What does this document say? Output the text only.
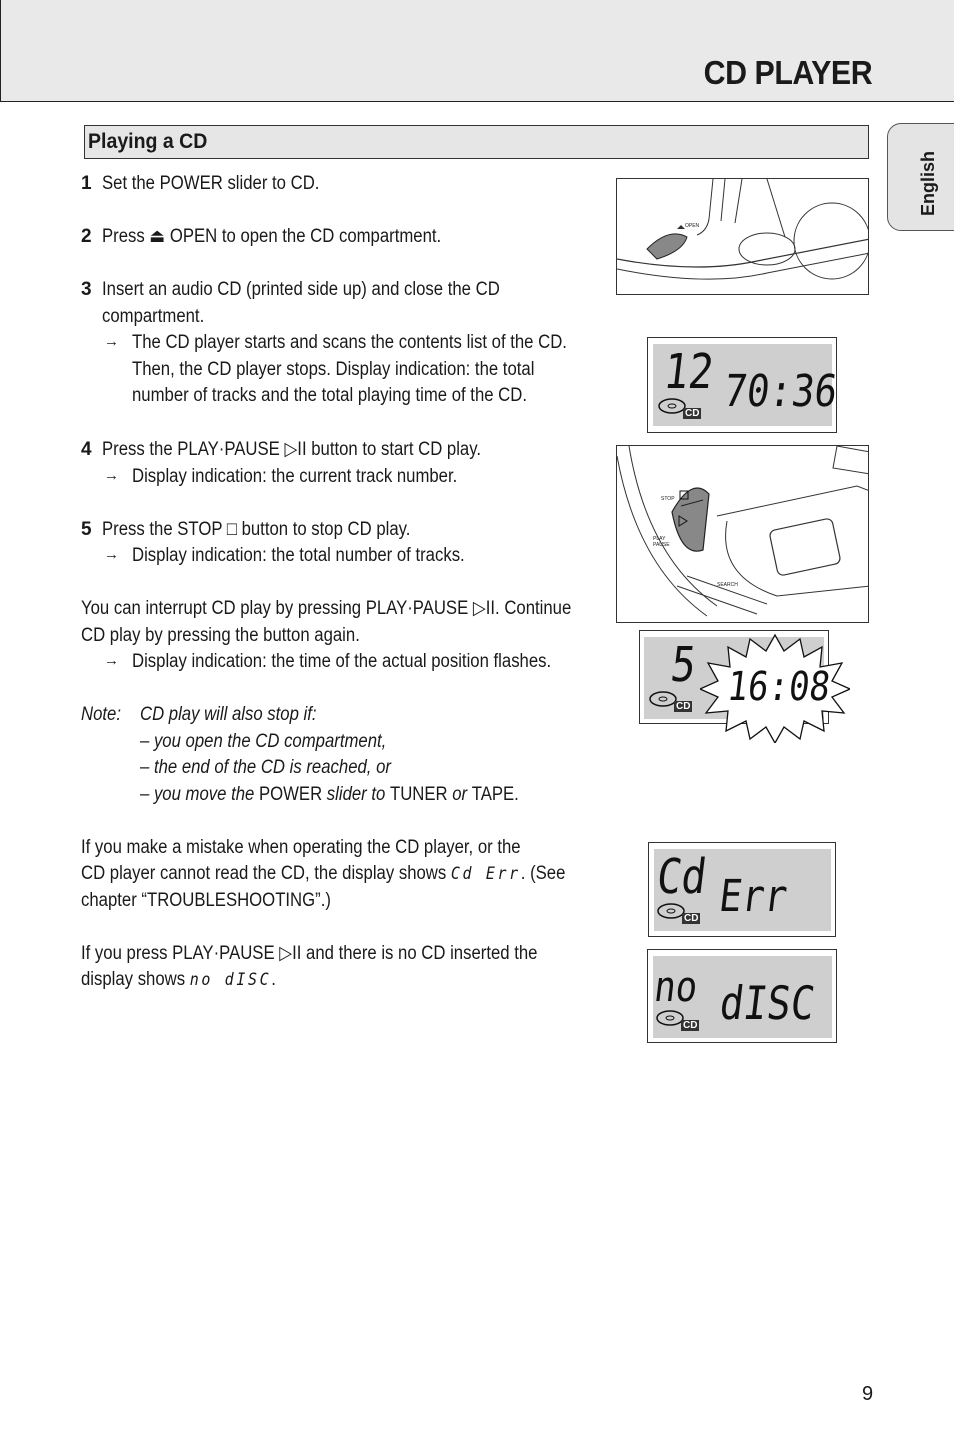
CD PLAYER
English
Playing a CD
1 Set the POWER slider to CD.
2 Press ⏏ OPEN to open the CD compartment.
3 Insert an audio CD (printed side up) and close the CD
compartment.
→ The CD player starts and scans the contents list of the CD.
Then, the CD player stops. Display indication: the total
number of tracks and the total playing time of the CD.
4 Press the PLAY·PAUSE ▷II button to start CD play.
→ Display indication: the current track number.
5 Press the STOP □ button to stop CD play.
→ Display indication: the total number of tracks.
You can interrupt CD play by pressing PLAY·PAUSE ▷II. Continue
CD play by pressing the button again.
→ Display indication: the time of the actual position flashes.
Note: CD play will also stop if:
– you open the CD compartment,
– the end of the CD is reached, or
– you move the POWER slider to TUNER or TAPE.
If you make a mistake when operating the CD player, or the
CD player cannot read the CD, the display shows Cd Err. (See
chapter “TROUBLESHOOTING”.)
If you press PLAY·PAUSE ▷II and there is no CD inserted the
display shows no dISC.
OPEN
12 70:36
CD
STOP
PLAY PAUSE
SEARCH
5 16:08
CD
Cd Err
CD
no dISC
CD
9
